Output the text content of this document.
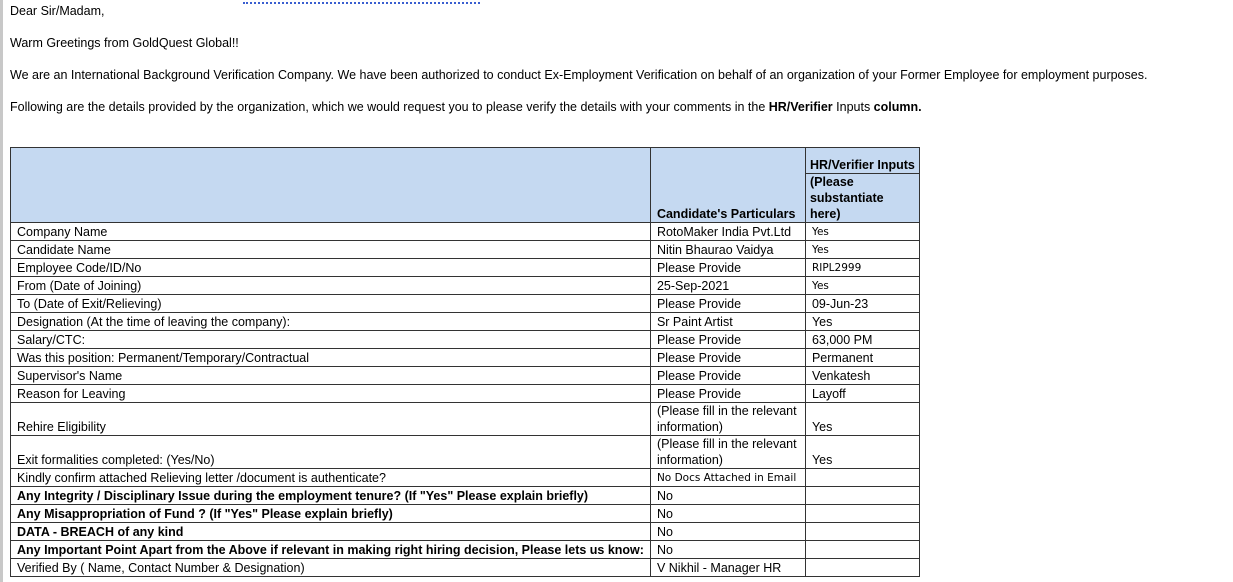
Dear Sir/Madam,
Warm Greetings from GoldQuest Global!!
We are an International Background Verification Company. We have been authorized to conduct Ex-Employment Verification on behalf of an organization of your Former Employee for employment purposes.
Following are the details provided by the organization, which we would request you to please verify the details with your comments in the HR/Verifier Inputs column.
	Candidate's Particulars	HR/Verifier Inputs
(Please substantiate here)

Company Name	RotoMaker India Pvt.Ltd	Yes
Candidate Name	Nitin Bhaurao Vaidya	Yes
Employee Code/ID/No	Please Provide	RIPL2999
From (Date of Joining)	25-Sep-2021	Yes
To (Date of Exit/Relieving)	Please Provide	09-Jun-23
Designation (At the time of leaving the company):	Sr Paint Artist	Yes
Salary/CTC:	Please Provide	63,000 PM
Was this position: Permanent/Temporary/Contractual	Please Provide	Permanent
Supervisor's Name	Please Provide	Venkatesh
Reason for Leaving	Please Provide	Layoff
Rehire Eligibility	(Please fill in the relevant information)	Yes
Exit formalities completed: (Yes/No)	(Please fill in the relevant information)	Yes
Kindly confirm attached Relieving letter /document is authenticate?	No Docs Attached in Email	
Any Integrity / Disciplinary Issue during the employment tenure? (If "Yes" Please explain briefly)	No	
Any Misappropriation of Fund ? (If "Yes" Please explain briefly)	No	
DATA - BREACH of any kind	No	
Any Important Point Apart from the Above if relevant in making right hiring decision, Please lets us know:	No	
Verified By ( Name, Contact Number & Designation)	V Nikhil - Manager HR	
